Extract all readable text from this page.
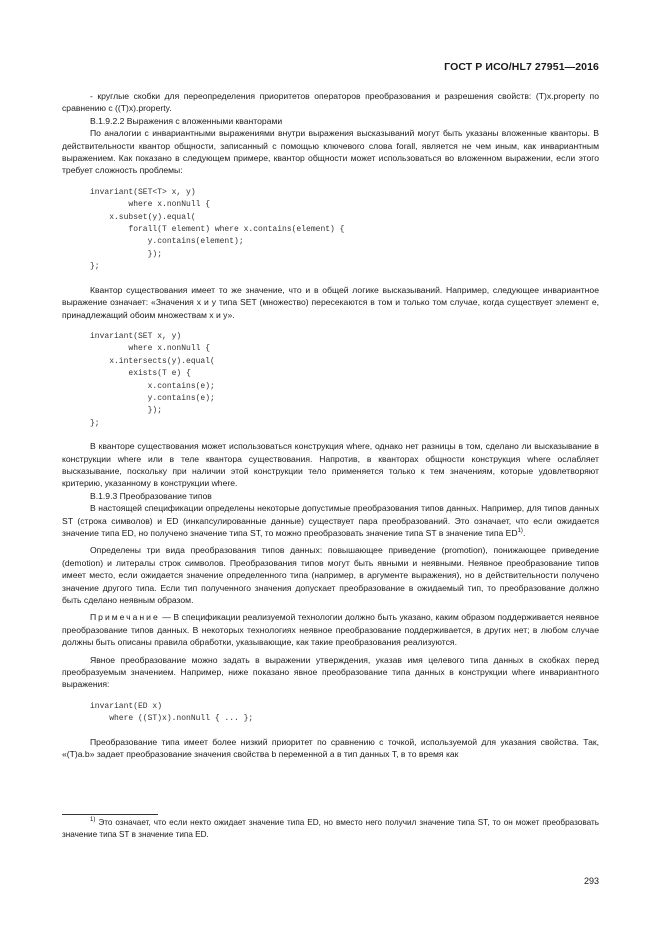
ГОСТ Р ИСО/HL7 27951—2016

- круглые скобки для переопределения приоритетов операторов преобразования и разрешения свойств: (T)x.property по сравнению с ((T)x).property.

B.1.9.2.2 Выражения с вложенными кванторами

По аналогии с инвариантными выражениями внутри выражения высказываний могут быть указаны вложенные кванторы. В действительности квантор общности, записанный с помощью ключевого слова forall, является не чем иным, как инвариантным выражением. Как показано в следующем примере, квантор общности может использоваться во вложенном выражении, если этого требует сложность проблемы:

invariant(SET<T> x, y)
where x.nonNull {
x.subset(y).equal(
forall(T element) where x.contains(element) {
y.contains(element);
});
};

Квантор существования имеет то же значение, что и в общей логике высказываний. Например, следующее инвариантное выражение означает: «Значения x и y типа SET (множество) пересекаются в том и только том случае, когда существует элемент e, принадлежащий обоим множествам x и y».

invariant(SET x, y)
where x.nonNull {
x.intersects(y).equal(
exists(T e) {
x.contains(e);
y.contains(e);
});
};

В кванторе существования может использоваться конструкция where, однако нет разницы в том, сделано ли высказывание в конструкции where или в теле квантора существования. Напротив, в кванторах общности конструкция where ослабляет высказывание, поскольку при наличии этой конструкции тело применяется только к тем значениям, которые удовлетворяют критерию, указанному в конструкции where.

B.1.9.3 Преобразование типов

В настоящей спецификации определены некоторые допустимые преобразования типов данных. Например, для типов данных ST (строка символов) и ED (инкапсулированные данные) существует пара преобразований. Это означает, что если ожидается значение типа ED, но получено значение типа ST, то можно преобразовать значение типа ST в значение типа ED$^{1)}$.

Определены три вида преобразования типов данных: повышающее приведение (promotion), понижающее приведение (demotion) и литералы строк символов. Преобразования типов могут быть явными и неявными. Неявное преобразование типов имеет место, если ожидается значение определенного типа (например, в аргументе выражения), но в действительности получено значение другого типа. Если тип полученного значения допускает преобразование в ожидаемый тип, то преобразование должно быть сделано неявным образом.

Примечание — В спецификации реализуемой технологии должно быть указано, каким образом поддерживается неявное преобразование типов данных. В некоторых технологиях неявное преобразование поддерживается, в других нет; в любом случае должны быть описаны правила обработки, указывающие, как такие преобразования реализуются.

Явное преобразование можно задать в выражении утверждения, указав имя целевого типа данных в скобках перед преобразуемым значением. Например, ниже показано явное преобразование типа данных в конструкции where инвариантного выражения:

invariant(ED x)
where ((ST)x).nonNull { ... };

Преобразование типа имеет более низкий приоритет по сравнению с точкой, используемой для указания свойства. Так, «(T)a.b» задает преобразование значения свойства b переменной a в тип данных T, в то время как

$^{1)}$ Это означает, что если некто ожидает значение типа ED, но вместо него получил значение типа ST, то он может преобразовать значение типа ST в значение типа ED.

293
